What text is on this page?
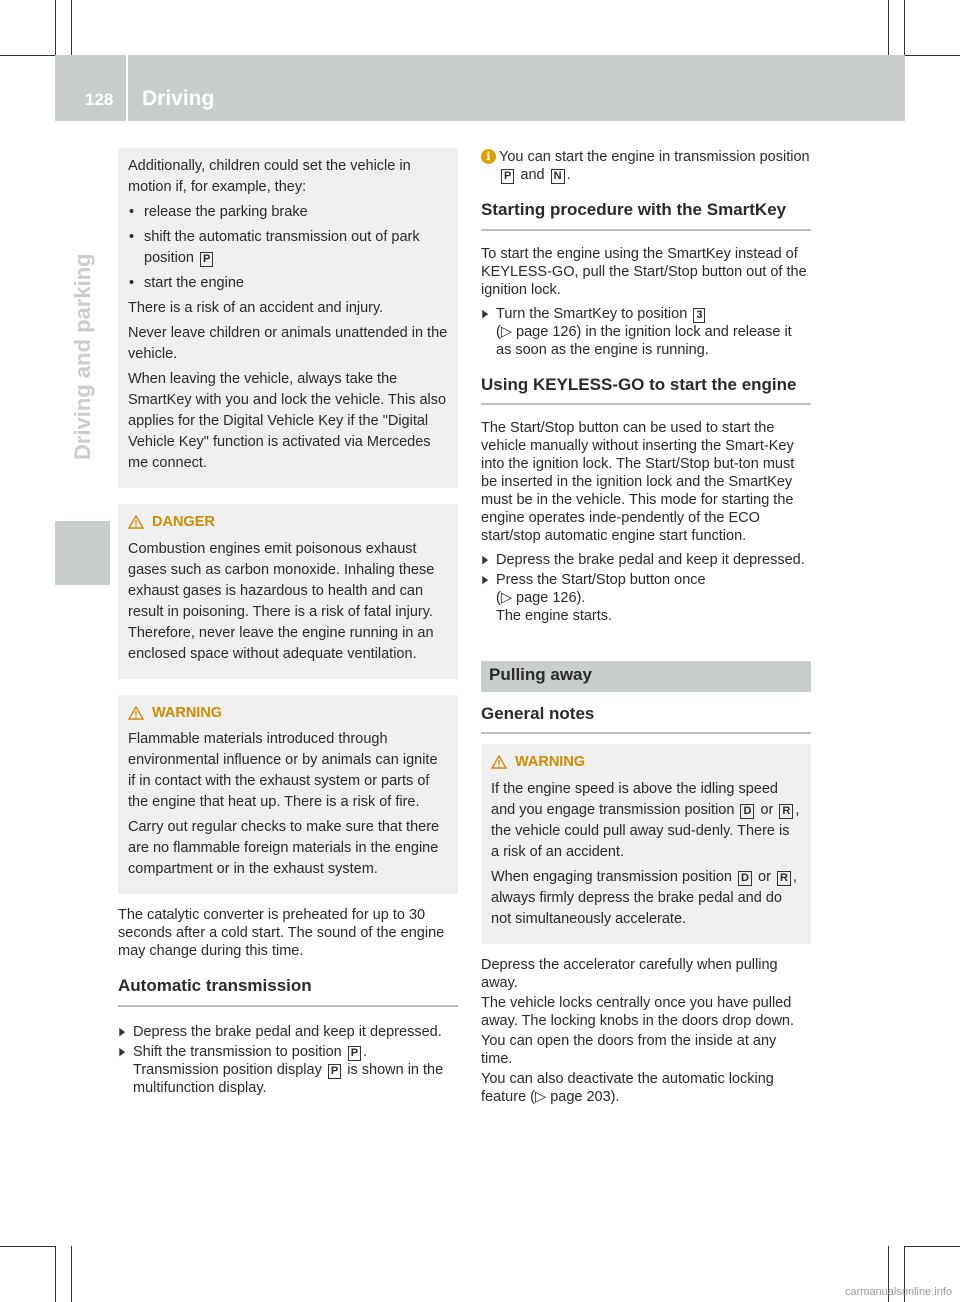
128 Driving
Driving and parking

Additionally, children could set the vehicle in motion if, for example, they:

• release the parking brake
• shift the automatic transmission out of park position P
• start the engine

There is a risk of an accident and injury.

Never leave children or animals unattended in the vehicle.

When leaving the vehicle, always take the SmartKey with you and lock the vehicle. This also applies for the Digital Vehicle Key if the "Digital Vehicle Key" function is activated via Mercedes me connect.

DANGER

Combustion engines emit poisonous exhaust gases such as carbon monoxide. Inhaling these exhaust gases is hazardous to health and can result in poisoning. There is a risk of fatal injury. Therefore, never leave the engine running in an enclosed space without adequate ventilation.

WARNING

Flammable materials introduced through environmental influence or by animals can ignite if in contact with the exhaust system or parts of the engine that heat up. There is a risk of fire.

Carry out regular checks to make sure that there are no flammable foreign materials in the engine compartment or in the exhaust system.

The catalytic converter is preheated for up to 30 seconds after a cold start. The sound of the engine may change during this time.

Automatic transmission
▶ Depress the brake pedal and keep it depressed.
▶ Shift the transmission to position P .
Transmission position display P is shown in the multifunction display.
i You can start the engine in transmission position P and N .
Starting procedure with the SmartKey

To start the engine using the SmartKey instead of KEYLESS-GO, pull the Start/Stop button out of the ignition lock.

▶ Turn the SmartKey to position 3
(▷ page 126) in the ignition lock and release it as soon as the engine is running.
Using KEYLESS-GO to start the engine

The Start/Stop button can be used to start the vehicle manually without inserting the Smart-Key into the ignition lock. The Start/Stop but-ton must be inserted in the ignition lock and the SmartKey must be in the vehicle. This mode for starting the engine operates inde-pendently of the ECO start/stop automatic engine start function.

▶ Depress the brake pedal and keep it depressed.
▶ Press the Start/Stop button once
(▷ page 126).
The engine starts.
Pulling away
General notes
WARNING

If the engine speed is above the idling speed and you engage transmission position D or R , the vehicle could pull away sud-denly. There is a risk of an accident.

When engaging transmission position D or R , always firmly depress the brake pedal and do not simultaneously accelerate.

Depress the accelerator carefully when pulling away.

The vehicle locks centrally once you have pulled away. The locking knobs in the doors drop down.

You can open the doors from the inside at any time.

You can also deactivate the automatic locking feature (▷ page 203).

carmanualsonline.info
